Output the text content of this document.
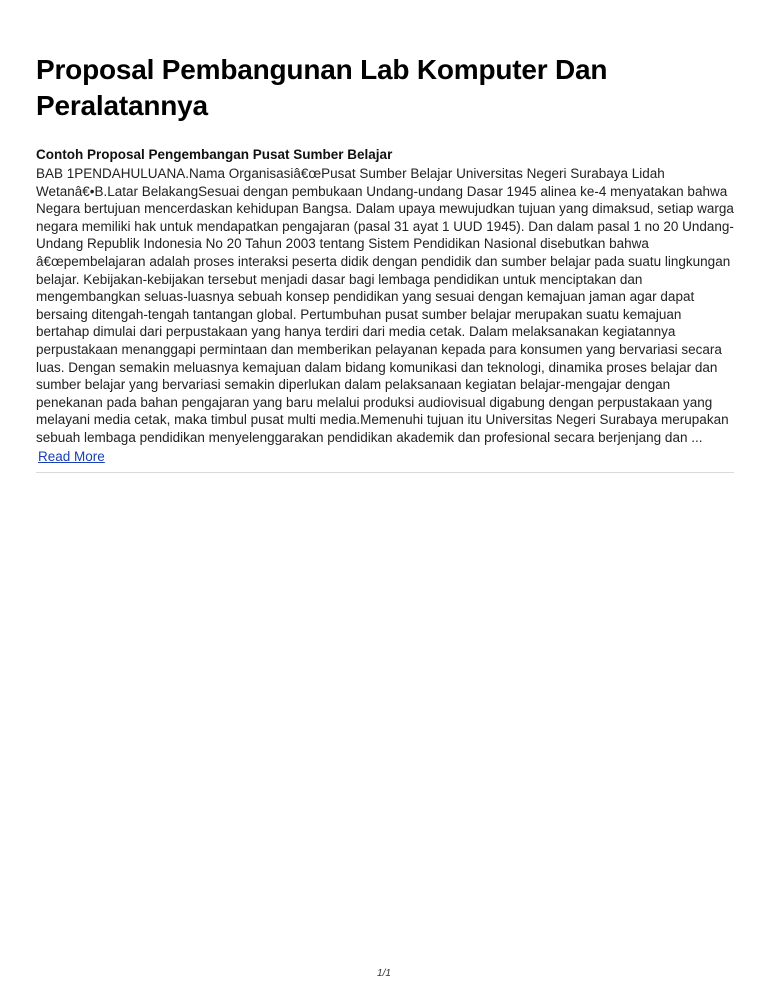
Proposal Pembangunan Lab Komputer Dan Peralatannya
Contoh Proposal Pengembangan Pusat Sumber Belajar

BAB 1PENDAHULUANA.Nama Organisasiâ€œPusat Sumber Belajar Universitas Negeri Surabaya Lidah Wetanâ€•B.Latar BelakangSesuai dengan pembukaan Undang-undang Dasar 1945 alinea ke-4 menyatakan bahwa Negara bertujuan mencerdaskan kehidupan Bangsa. Dalam upaya mewujudkan tujuan yang dimaksud, setiap warga negara memiliki hak untuk mendapatkan pengajaran (pasal 31 ayat 1 UUD 1945). Dan dalam pasal 1 no 20 Undang-Undang Republik Indonesia No 20 Tahun 2003 tentang Sistem Pendidikan Nasional disebutkan bahwa â€œpembelajaran adalah proses interaksi peserta didik dengan pendidik dan sumber belajar pada suatu lingkungan belajar. Kebijakan-kebijakan tersebut menjadi dasar bagi lembaga pendidikan untuk menciptakan dan mengembangkan seluas-luasnya sebuah konsep pendidikan yang sesuai dengan kemajuan jaman agar dapat bersaing ditengah-tengah tantangan global. Pertumbuhan pusat sumber belajar merupakan suatu kemajuan bertahap dimulai dari perpustakaan yang hanya terdiri dari media cetak. Dalam melaksanakan kegiatannya perpustakaan menanggapi permintaan dan memberikan pelayanan kepada para konsumen yang bervariasi secara luas. Dengan semakin meluasnya kemajuan dalam bidang komunikasi dan teknologi, dinamika proses belajar dan sumber belajar yang bervariasi semakin diperlukan dalam pelaksanaan kegiatan belajar-mengajar dengan penekanan pada bahan pengajaran yang baru melalui produksi audiovisual digabung dengan perpustakaan yang melayani media cetak, maka timbul pusat multi media.Memenuhi tujuan itu Universitas Negeri Surabaya merupakan sebuah lembaga pendidikan menyelenggarakan pendidikan akademik dan profesional secara berjenjang dan ...

Read More
1/1
